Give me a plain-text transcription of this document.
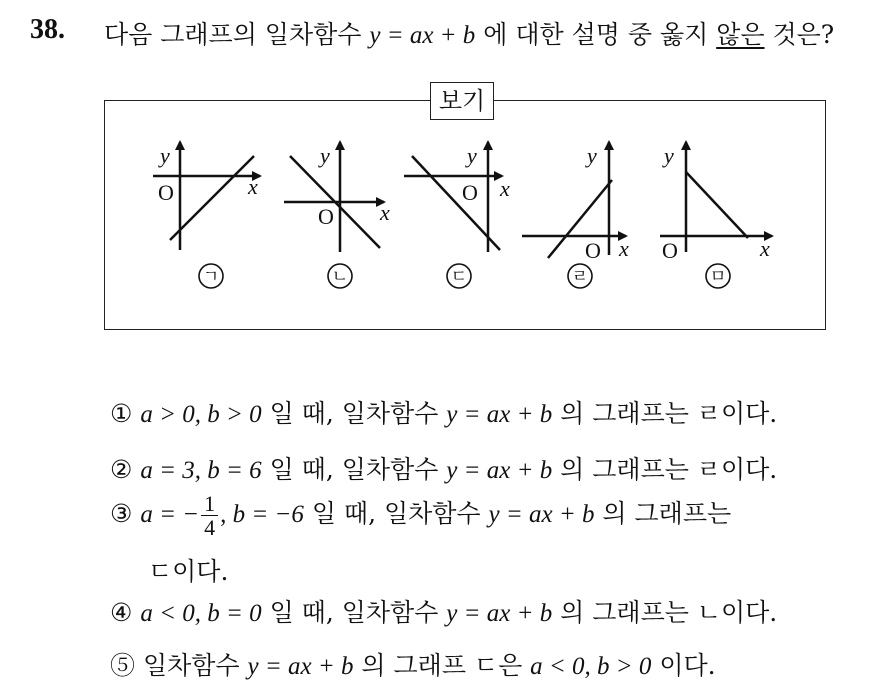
38. 다음 그래프의 일차함수 y = ax + b 에 대한 설명 중 옳지 않은 것은?
보기
y
O	x
y
O x
y
O x
y
O x
y
O	x
ㄱ	ㄴ	ㄷ	ㄹ	ㅁ
① a > 0, b > 0 일 때, 일차함수 y = ax + b 의 그래프는 ㄹ이다.
② a = 3, b = 6 일 때, 일차함수 y = ax + b 의 그래프는 ㄹ이다.
③ a = − $\frac{1}{4}$ , b = −6 일 때, 일차함수 y = ax + b 의 그래프는
ㄷ이다.
④ a < 0, b = 0 일 때, 일차함수 y = ax + b 의 그래프는 ㄴ이다.
⑤ 일차함수 y = ax + b 의 그래프 ㄷ은 a < 0, b > 0 이다.
